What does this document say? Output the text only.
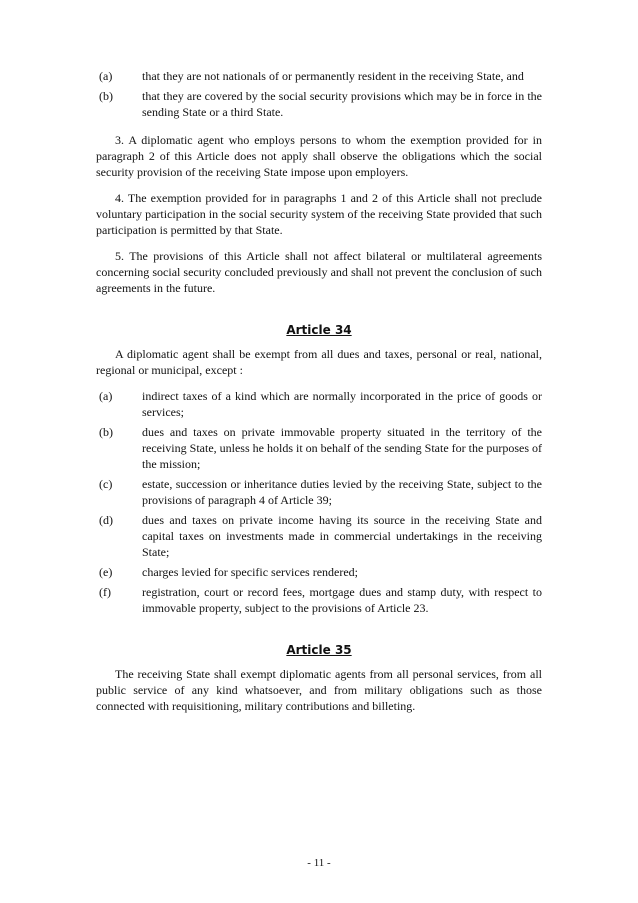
(a)	that they are not nationals of or permanently resident in the receiving State, and
(b)	that they are covered by the social security provisions which may be in force in the sending State or a third State.

3. A diplomatic agent who employs persons to whom the exemption provided for in paragraph 2 of this Article does not apply shall observe the obligations which the social security provision of the receiving State impose upon employers.

4. The exemption provided for in paragraphs 1 and 2 of this Article shall not preclude voluntary participation in the social security system of the receiving State provided that such participation is permitted by that State.

5. The provisions of this Article shall not affect bilateral or multilateral agreements concerning social security concluded previously and shall not prevent the conclusion of such agreements in the future.

Article 34

A diplomatic agent shall be exempt from all dues and taxes, personal or real, national, regional or municipal, except :

(a)	indirect taxes of a kind which are normally incorporated in the price of goods or services;
(b)	dues and taxes on private immovable property situated in the territory of the receiving State, unless he holds it on behalf of the sending State for the purposes of the mission;
(c)	estate, succession or inheritance duties levied by the receiving State, subject to the provisions of paragraph 4 of Article 39;
(d)	dues and taxes on private income having its source in the receiving State and capital taxes on investments made in commercial undertakings in the receiving State;
(e)	charges levied for specific services rendered;
(f)	registration, court or record fees, mortgage dues and stamp duty, with respect to immovable property, subject to the provisions of Article 23.
Article 35

The receiving State shall exempt diplomatic agents from all personal services, from all public service of any kind whatsoever, and from military obligations such as those connected with requisitioning, military contributions and billeting.

- 11 -
